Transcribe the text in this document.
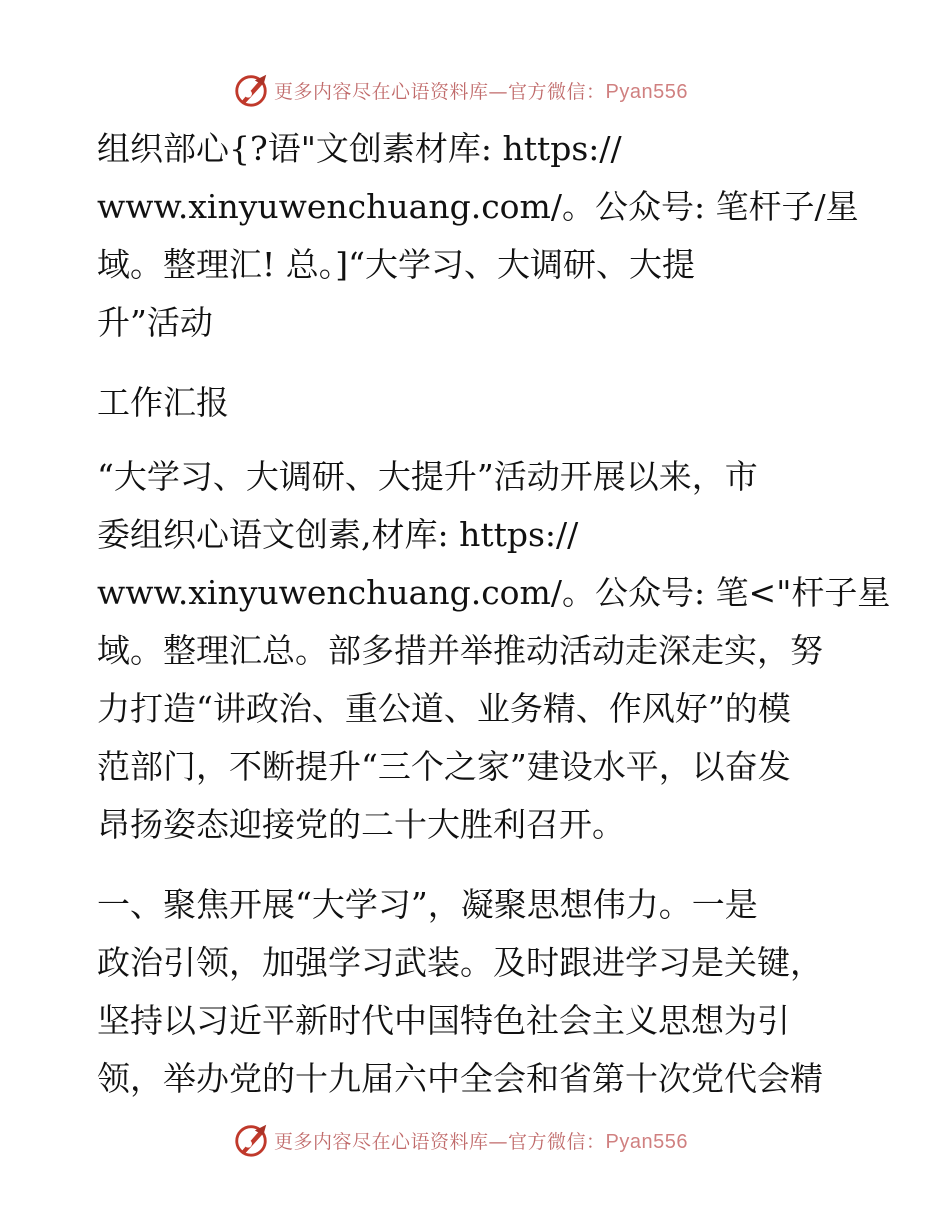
更多内容尽在心语资料库—官方微信：Pyan556
组织部心{?语"文创素材库: https://
www.xinyuwenchuang.com/。公众号: 笔杆子/星
域。整理汇! 总。]“大学习、大调研、大提
升”活动
工作汇报
“大学习、大调研、大提升”活动开展以来，市
委组织心语文创素,材库: https://
www.xinyuwenchuang.com/。公众号: 笔<"杆子星
域。整理汇总。部多措并举推动活动走深走实，努
力打造“讲政治、重公道、业务精、作风好”的模
范部门，不断提升“三个之家”建设水平，以奋发
昂扬姿态迎接党的二十大胜利召开。
一、聚焦开展“大学习”，凝聚思想伟力。一是
政治引领，加强学习武装。及时跟进学习是关键，
坚持以习近平新时代中国特色社会主义思想为引
领，举办党的十九届六中全会和省第十次党代会精
更多内容尽在心语资料库—官方微信：Pyan556
